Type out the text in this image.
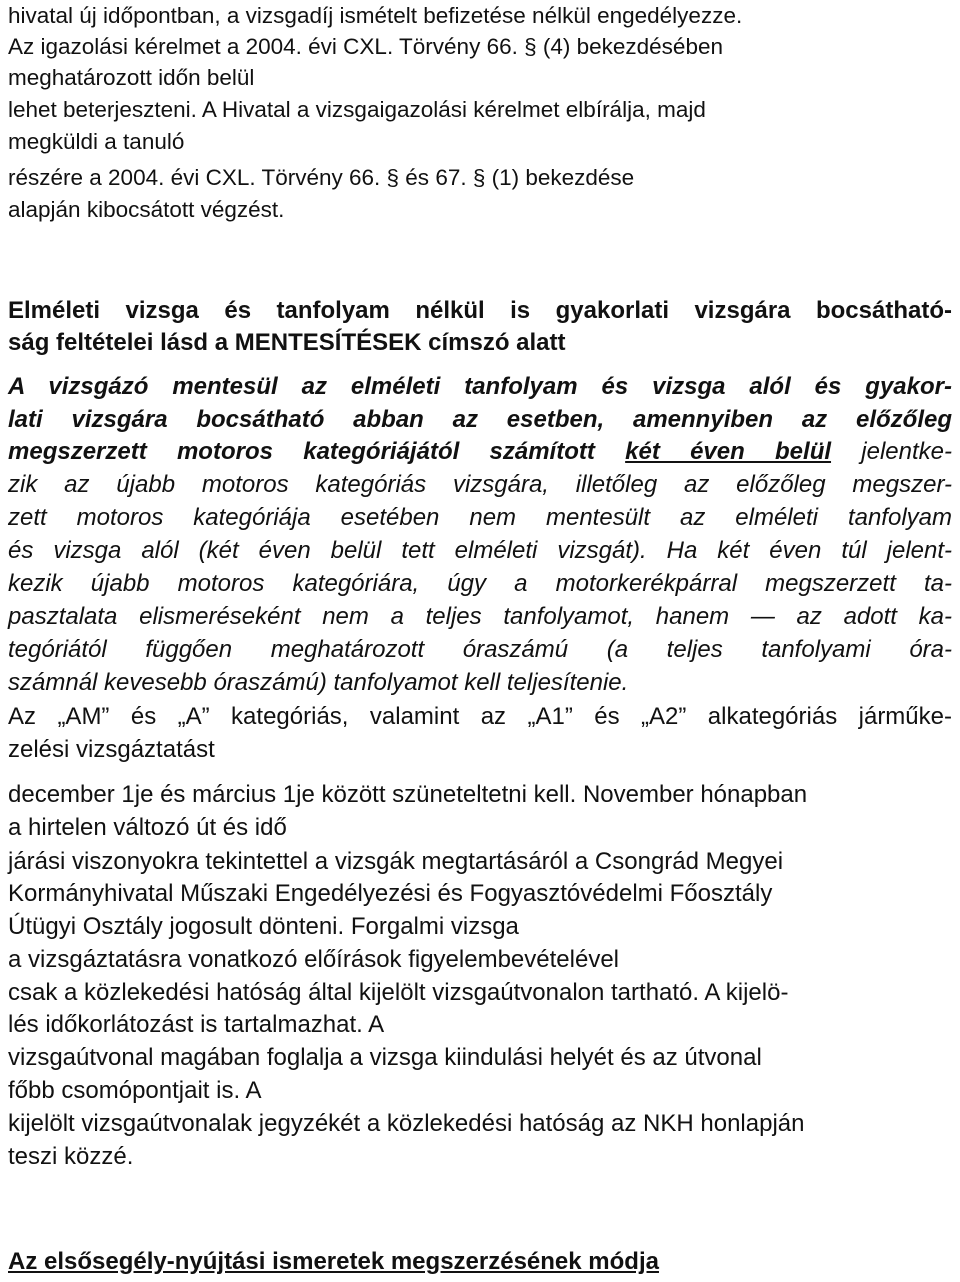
hivatal új időpontban, a vizsgadíj ismételt befizetése nélkül engedélyezze.
Az igazolási kérelmet a 2004. évi CXL. Törvény 66. § (4) bekezdésében
meghatározott időn belül
lehet beterjeszteni. A Hivatal a vizsgaigazolási kérelmet elbírálja, majd
megküldi a tanuló
részére a 2004. évi CXL. Törvény 66. § és 67. § (1) bekezdése
alapján kibocsátott végzést.
Elméleti vizsga és tanfolyam nélkül is gyakorlati vizsgára bocsátható-
ság feltételei lásd a MENTESÍTÉSEK címszó alatt
A vizsgázó mentesül az elméleti tanfolyam és vizsga alól és gyakor-
lati vizsgára bocsátható abban az esetben, amennyiben az előzőleg
megszerzett motoros kategóriájától számított két éven belül jelentke-
zik az újabb motoros kategóriás vizsgára, illetőleg az előzőleg megszer-
zett motoros kategóriája esetében nem mentesült az elméleti tanfolyam
és vizsga alól (két éven belül tett elméleti vizsgát). Ha két éven túl jelent-
kezik újabb motoros kategóriára, úgy a motorkerékpárral megszerzett ta-
pasztalata elismeréseként nem a teljes tanfolyamot, hanem — az adott ka-
tegóriától függően meghatározott óraszámú (a teljes tanfolyami óra-
számnál kevesebb óraszámú) tanfolyamot kell teljesítenie.
Az „AM” és „A” kategóriás, valamint az „A1” és „A2” alkategóriás járműke-
zelési vizsgáztatást
december 1je és március 1je között szüneteltetni kell. November hónapban
a hirtelen változó út és idő
járási viszonyokra tekintettel a vizsgák megtartásáról a Csongrád Megyei
Kormányhivatal Műszaki Engedélyezési és Fogyasztóvédelmi Főosztály
Útügyi Osztály jogosult dönteni. Forgalmi vizsga
a vizsgáztatásra vonatkozó előírások figyelembevételével
csak a közlekedési hatóság által kijelölt vizsgaútvonalon tartható. A kijelö-
lés időkorlátozást is tartalmazhat. A
vizsgaútvonal magában foglalja a vizsga kiindulási helyét és az útvonal
főbb csomópontjait is. A
kijelölt vizsgaútvonalak jegyzékét a közlekedési hatóság az NKH honlapján
teszi közzé.
Az elsősegély-nyújtási ismeretek megszerzésének módja
